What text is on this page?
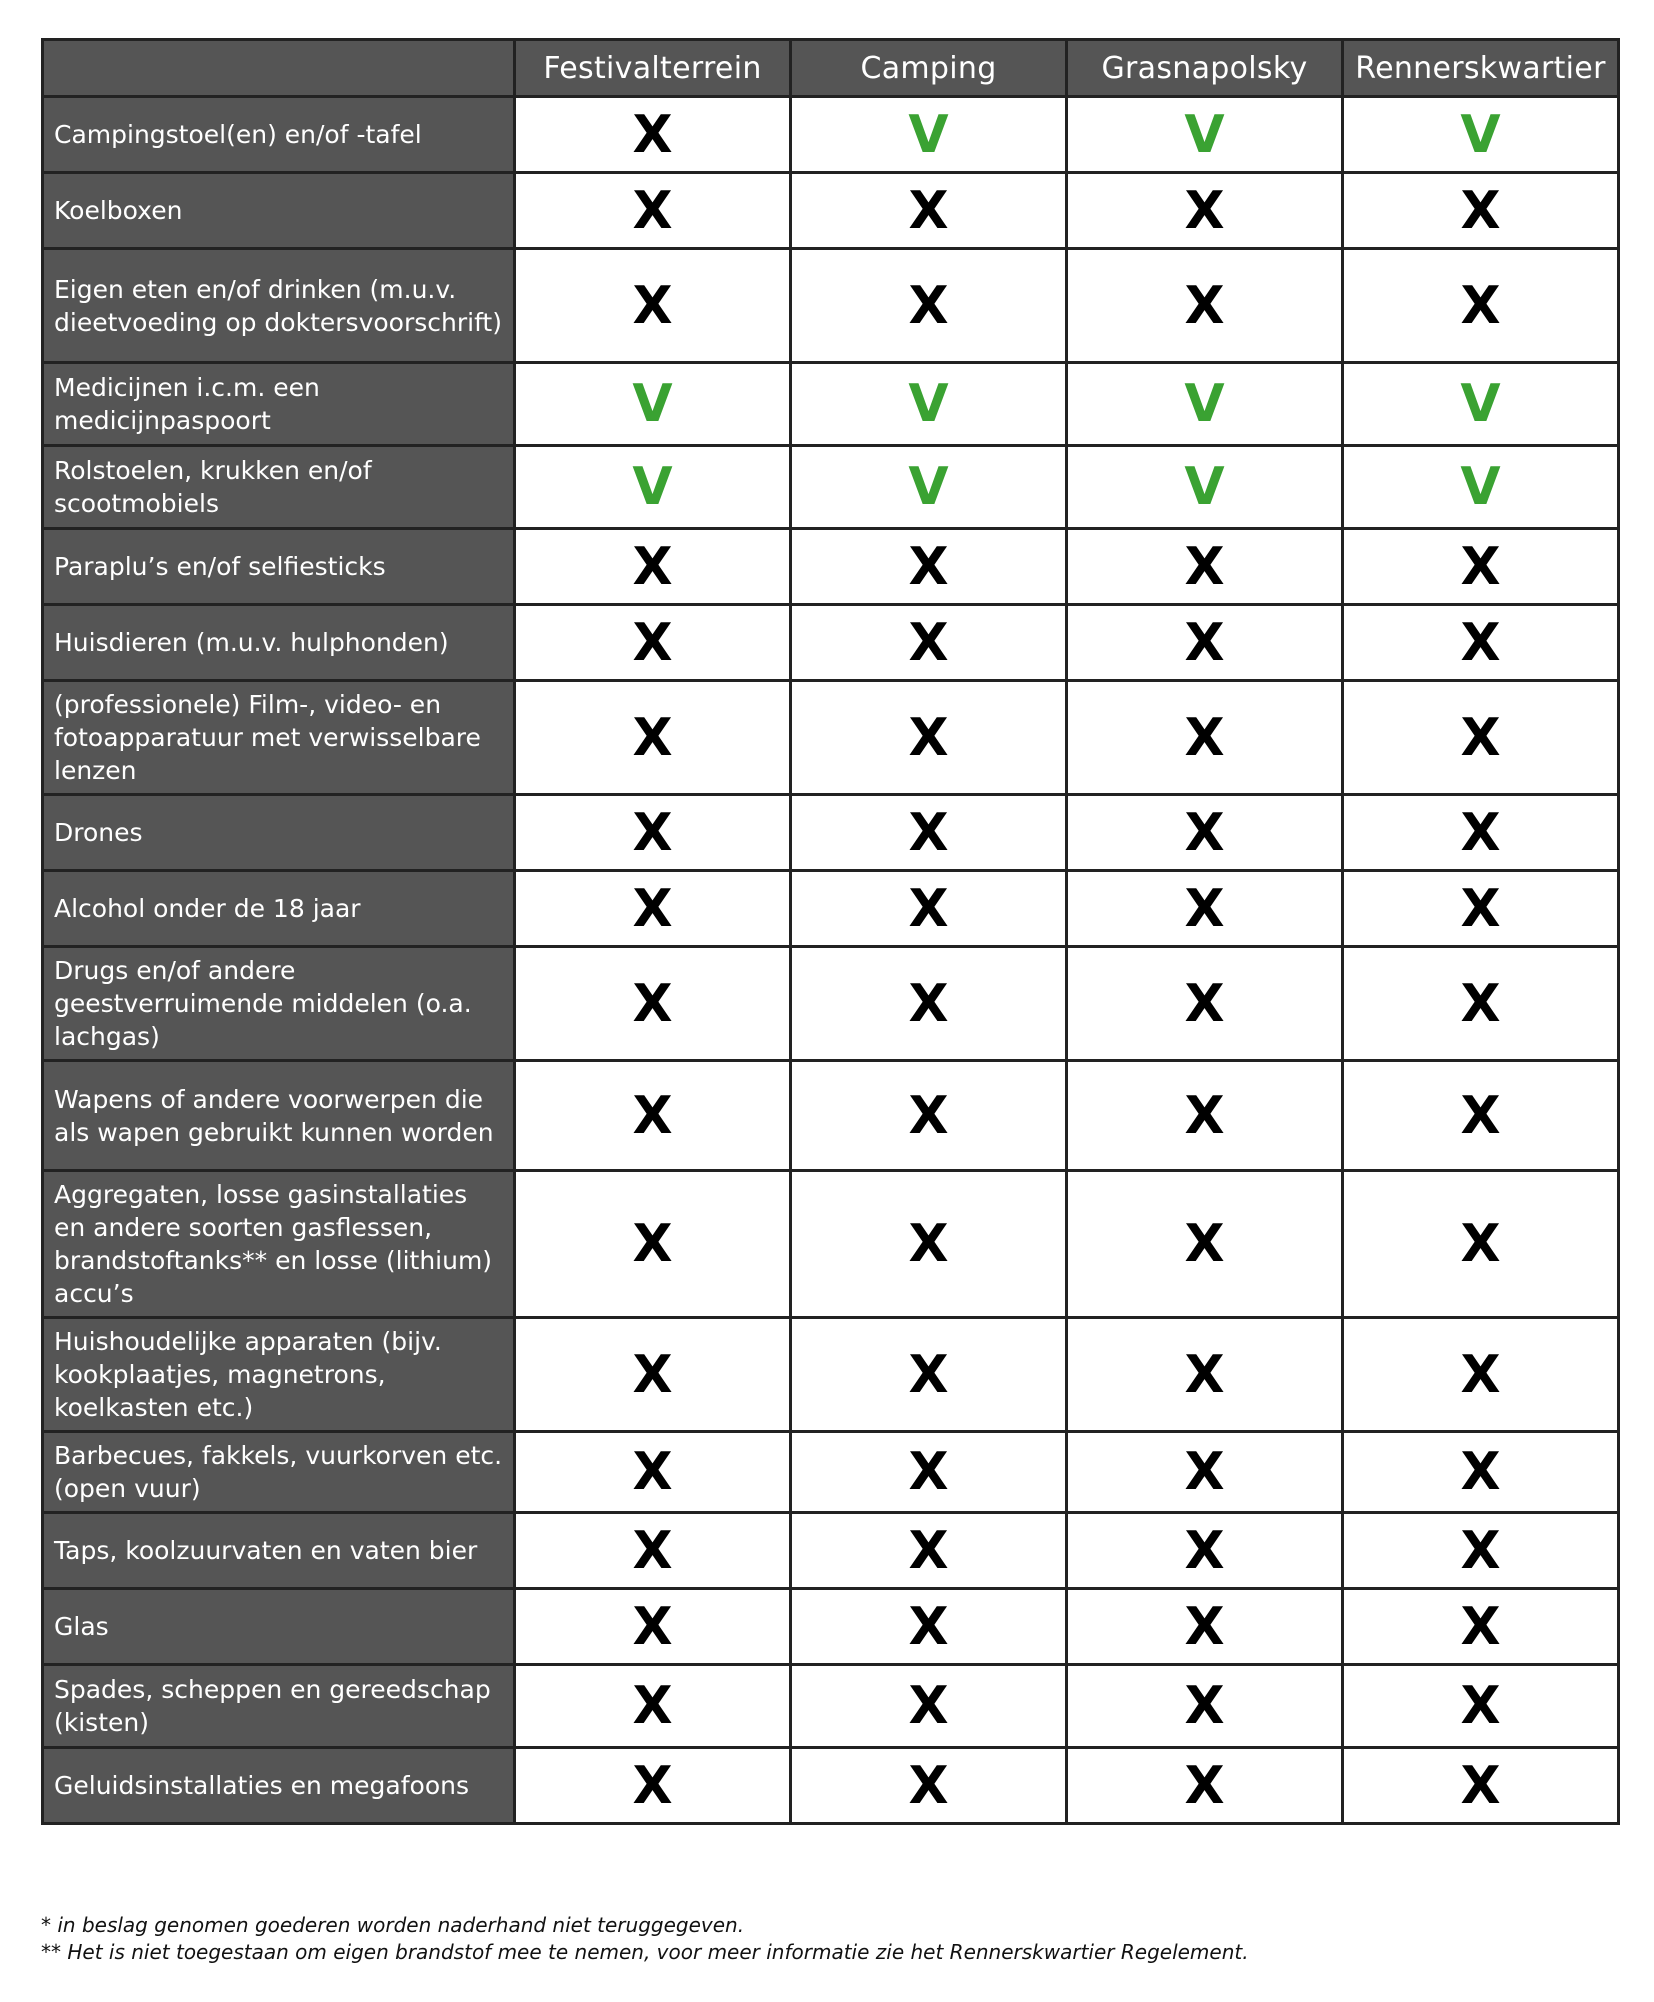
	Festivalterrein	Camping	Grasnapolsky	Rennerskwartier
Campingstoel(en) en/of -tafel	X	V	V	V
Koelboxen	X	X	X	X
Eigen eten en/of drinken (m.u.v. dieetvoeding op doktersvoorschrift)	X	X	X	X
Medicijnen i.c.m. een medicijnpaspoort	V	V	V	V
Rolstoelen, krukken en/of scootmobiels	V	V	V	V
Paraplu’s en/of selfiesticks	X	X	X	X
Huisdieren (m.u.v. hulphonden)	X	X	X	X
(professionele) Film-, video- en fotoapparatuur met verwisselbare lenzen	X	X	X	X
Drones	X	X	X	X
Alcohol onder de 18 jaar	X	X	X	X
Drugs en/of andere geestverruimende middelen (o.a. lachgas)	X	X	X	X
Wapens of andere voorwerpen die als wapen gebruikt kunnen worden	X	X	X	X
Aggregaten, losse gasinstallaties en andere soorten gasflessen, brandstoftanks** en losse (lithium) accu’s	X	X	X	X
Huishoudelijke apparaten (bijv. kookplaatjes, magnetrons, koelkasten etc.)	X	X	X	X
Barbecues, fakkels, vuurkorven etc. (open vuur)	X	X	X	X
Taps, koolzuurvaten en vaten bier	X	X	X	X
Glas	X	X	X	X
Spades, scheppen en gereedschap (kisten)	X	X	X	X
Geluidsinstallaties en megafoons	X	X	X	X

* in beslag genomen goederen worden naderhand niet teruggegeven.

** Het is niet toegestaan om eigen brandstof mee te nemen, voor meer informatie zie het Rennerskwartier Regelement.
